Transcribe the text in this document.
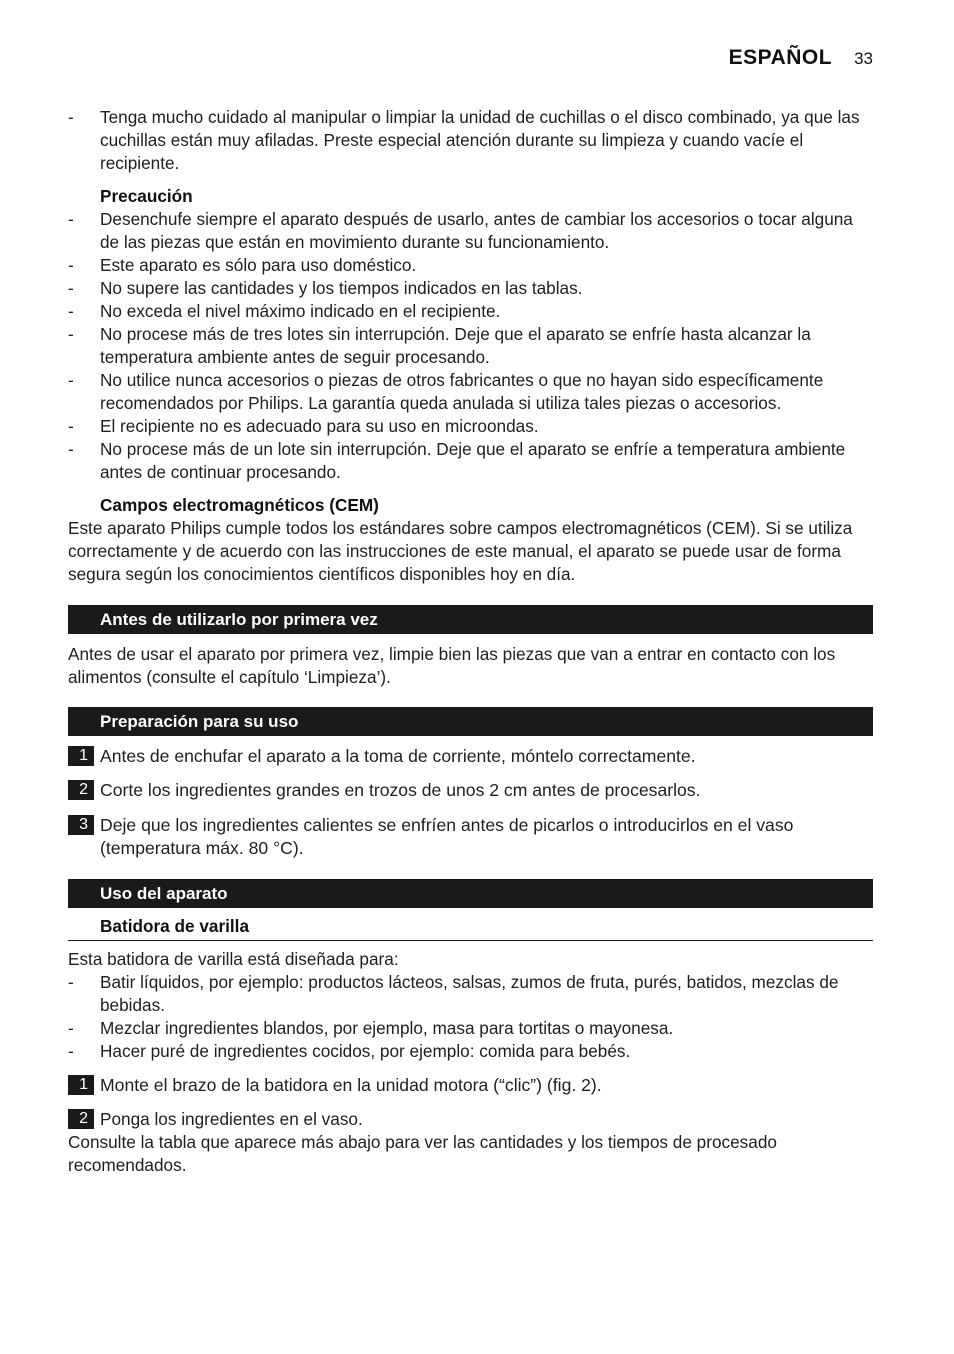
ESPAÑOL 33
- Tenga mucho cuidado al manipular o limpiar la unidad de cuchillas o el disco combinado, ya que las cuchillas están muy afiladas. Preste especial atención durante su limpieza y cuando vacíe el recipiente.
Precaución
- Desenchufe siempre el aparato después de usarlo, antes de cambiar los accesorios o tocar alguna de las piezas que están en movimiento durante su funcionamiento.
- Este aparato es sólo para uso doméstico.
- No supere las cantidades y los tiempos indicados en las tablas.
- No exceda el nivel máximo indicado en el recipiente.
- No procese más de tres lotes sin interrupción. Deje que el aparato se enfríe hasta alcanzar la temperatura ambiente antes de seguir procesando.
- No utilice nunca accesorios o piezas de otros fabricantes o que no hayan sido específicamente recomendados por Philips. La garantía queda anulada si utiliza tales piezas o accesorios.
- El recipiente no es adecuado para su uso en microondas.
- No procese más de un lote sin interrupción. Deje que el aparato se enfríe a temperatura ambiente antes de continuar procesando.
Campos electromagnéticos (CEM)
Este aparato Philips cumple todos los estándares sobre campos electromagnéticos (CEM). Si se utiliza correctamente y de acuerdo con las instrucciones de este manual, el aparato se puede usar de forma segura según los conocimientos científicos disponibles hoy en día.
Antes de utilizarlo por primera vez
Antes de usar el aparato por primera vez, limpie bien las piezas que van a entrar en contacto con los alimentos (consulte el capítulo ‘Limpieza’).
Preparación para su uso
1 Antes de enchufar el aparato a la toma de corriente, móntelo correctamente.
2 Corte los ingredientes grandes en trozos de unos 2 cm antes de procesarlos.
3 Deje que los ingredientes calientes se enfríen antes de picarlos o introducirlos en el vaso (temperatura máx. 80 °C).
Uso del aparato
Batidora de varilla
Esta batidora de varilla está diseñada para:
- Batir líquidos, por ejemplo: productos lácteos, salsas, zumos de fruta, purés, batidos, mezclas de bebidas.
- Mezclar ingredientes blandos, por ejemplo, masa para tortitas o mayonesa.
- Hacer puré de ingredientes cocidos, por ejemplo: comida para bebés.
1 Monte el brazo de la batidora en la unidad motora (“clic”) (fig. 2).
2 Ponga los ingredientes en el vaso.
Consulte la tabla que aparece más abajo para ver las cantidades y los tiempos de procesado recomendados.
